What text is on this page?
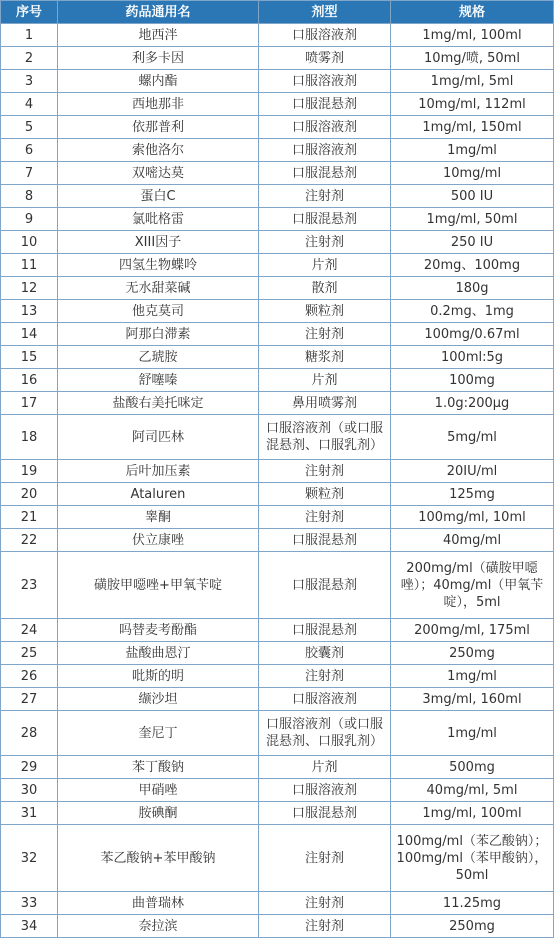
序号	药品通用名	剂型	规格
1	地西泮	口服溶液剂	1mg/ml, 100ml
2	利多卡因	喷雾剂	10mg/喷, 50ml
3	螺内酯	口服溶液剂	1mg/ml, 5ml
4	西地那非	口服混悬剂	10mg/ml, 112ml
5	依那普利	口服溶液剂	1mg/ml, 150ml
6	索他洛尔	口服溶液剂	1mg/ml
7	双嘧达莫	口服混悬剂	10mg/ml
8	蛋白C	注射剂	500 IU
9	氯吡格雷	口服混悬剂	1mg/ml, 50ml
10	XIII因子	注射剂	250 IU
11	四氢生物蝶呤	片剂	20mg、100mg
12	无水甜菜碱	散剂	180g
13	他克莫司	颗粒剂	0.2mg、1mg
14	阿那白滞素	注射剂	100mg/0.67ml
15	乙琥胺	糖浆剂	100ml:5g
16	舒噻嗪	片剂	100mg
17	盐酸右美托咪定	鼻用喷雾剂	1.0g:200μg
18	阿司匹林	口服溶液剂（或口服混悬剂、口服乳剂）	5mg/ml
19	后叶加压素	注射剂	20IU/ml
20	Ataluren	颗粒剂	125mg
21	睾酮	注射剂	100mg/ml, 10ml
22	伏立康唑	口服混悬剂	40mg/ml
23	磺胺甲噁唑+甲氧苄啶	口服混悬剂	200mg/ml（磺胺甲噁唑）；40mg/ml（甲氧苄啶），5ml
24	吗替麦考酚酯	口服混悬剂	200mg/ml, 175ml
25	盐酸曲恩汀	胶囊剂	250mg
26	吡斯的明	注射剂	1mg/ml
27	缬沙坦	口服溶液剂	3mg/ml, 160ml
28	奎尼丁	口服溶液剂（或口服混悬剂、口服乳剂）	1mg/ml
29	苯丁酸钠	片剂	500mg
30	甲硝唑	口服溶液剂	40mg/ml, 5ml
31	胺碘酮	口服混悬剂	1mg/ml, 100ml
32	苯乙酸钠+苯甲酸钠	注射剂	100mg/ml（苯乙酸钠）；100mg/ml（苯甲酸钠），50ml
33	曲普瑞林	注射剂	11.25mg
34	奈拉滨	注射剂	250mg
